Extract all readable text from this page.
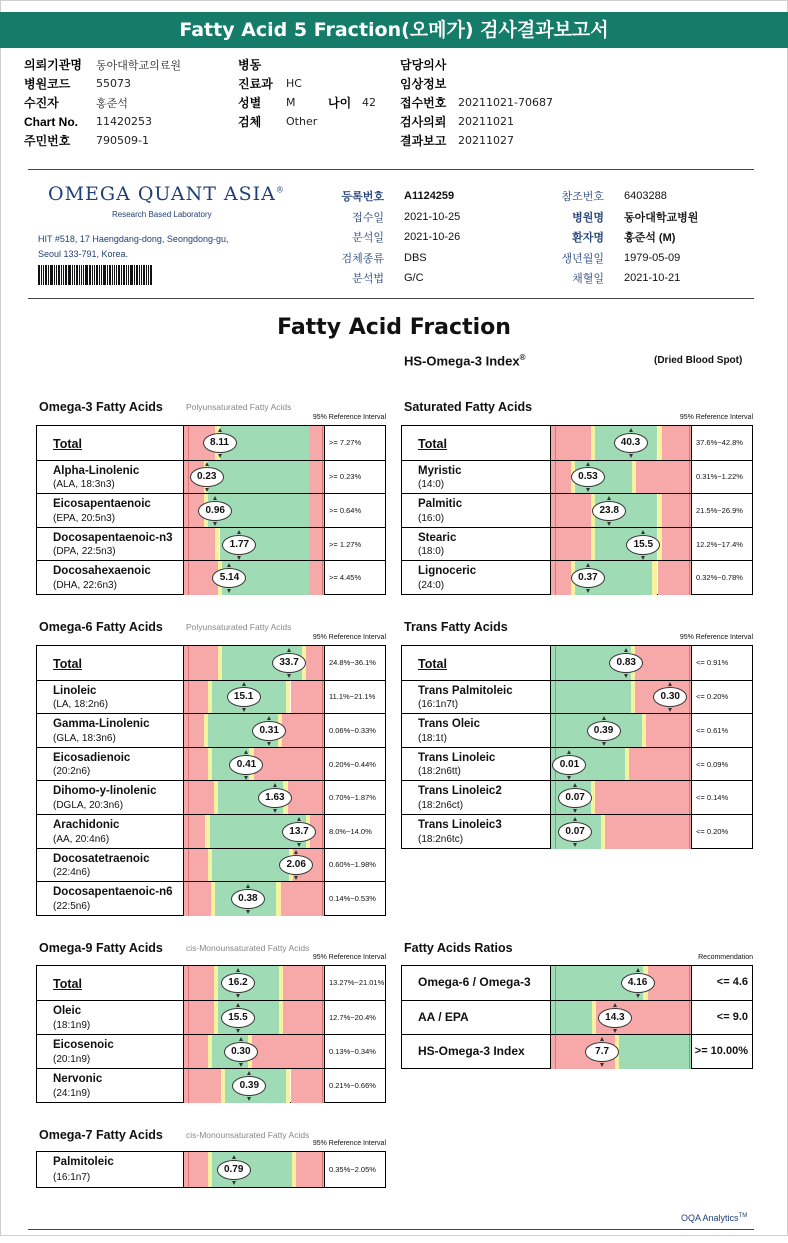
Fatty Acid 5 Fraction(오메가) 검사결과보고서
의뢰기관명	동아대학교의료원
병원코드	55073
수진자	홍준석
Chart No.	11420253
주민번호	790509-1
병동
진료과	HC
성별	M	나이 42
검체	Other
담당의사
임상정보
접수번호	20211021-70687
검사의뢰	20211021
결과보고	20211027
OMEGA QUANT ASIA®
Research Based Laboratory
HIT #518, 17 Haengdang-dong, Seongdong-gu,
Seoul 133-791, Korea.
등록번호	A1124259
접수일	2021-10-25
분석일	2021-10-26
검체종류	DBS
분석법	G/C
참조번호	6403288
병원명	동아대학교병원
환자명	홍준석 (M)
생년월일	1979-05-09
채혈일	2021-10-21
Fatty Acid Fraction
HS-Omega-3 Index®	(Dried Blood Spot)
Omega-3 Fatty Acids	Polyunsaturated Fatty Acids
95% Reference Interval
Total	8.11	>= 7.27%
Alpha-Linolenic
(ALA, 18:3n3)
0.23	>= 0.23%
Eicosapentaenoic
(EPA, 20:5n3)
0.96	>= 0.64%
Docosapentaenoic-n3
(DPA, 22:5n3)
1.77	>= 1.27%
Docosahexaenoic
(DHA, 22:6n3)
5.14	>= 4.45%
Saturated Fatty Acids
95% Reference Interval
Total	40.3	37.6%~42.8%
Myristic
(14:0)
0.53	0.31%~1.22%
Palmitic
(16:0)
23.8	21.5%~26.9%
Stearic
(18:0)
15.5	12.2%~17.4%
Lignoceric
(24:0)
0.37	0.32%~0.78%
Omega-6 Fatty Acids	Polyunsaturated Fatty Acids
95% Reference Interval
Total	33.7	24.8%~36.1%
Linoleic
(LA, 18:2n6)
15.1	11.1%~21.1%
Gamma-Linolenic
(GLA, 18:3n6)
0.31	0.06%~0.33%
Eicosadienoic
(20:2n6)
0.41	0.20%~0.44%
Dihomo-y-linolenic
(DGLA, 20:3n6)
1.63	0.70%~1.87%
Arachidonic
(AA, 20:4n6)
13.7	8.0%~14.0%
Docosatetraenoic
(22:4n6)
2.06	0.60%~1.98%
Docosapentaenoic-n6
(22:5n6)
0.38	0.14%~0.53%
Trans Fatty Acids
95% Reference Interval
Total	0.83	<= 0.91%
Trans Palmitoleic
(16:1n7t)
0.30	<= 0.20%
Trans Oleic
(18:1t)
0.39	<= 0.61%
Trans Linoleic
(18:2n6tt)
0.01	<= 0.09%
Trans Linoleic2
(18:2n6ct)
0.07	<= 0.14%
Trans Linoleic3
(18:2n6tc)
0.07	<= 0.20%
Omega-9 Fatty Acids	cis-Monounsaturated Fatty Acids
95% Reference Interval
Total	16.2	13.27%~21.01%
Oleic
(18:1n9)
15.5	12.7%~20.4%
Eicosenoic
(20:1n9)
0.30	0.13%~0.34%
Nervonic
(24:1n9)
0.39	0.21%~0.66%
Fatty Acids Ratios
Recommendation
Omega-6 / Omega-3	4.16	<= 4.6
AA / EPA	14.3	<= 9.0
HS-Omega-3 Index	7.7	>= 10.00%
Omega-7 Fatty Acids	cis-Monounsaturated Fatty Acids
95% Reference Interval
Palmitoleic
(16:1n7)
0.79	0.35%~2.05%
OQA Analytics™
